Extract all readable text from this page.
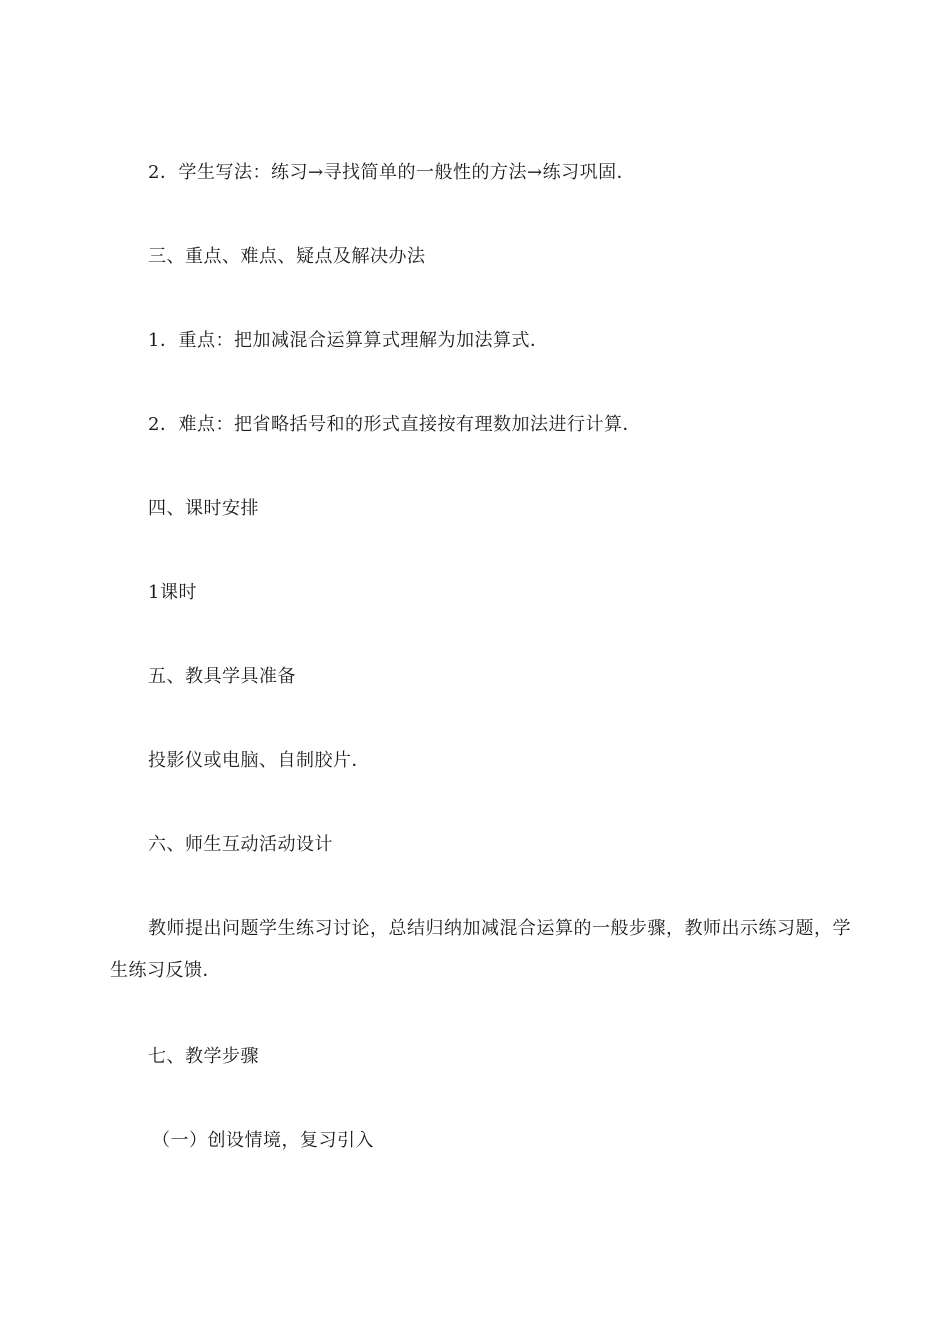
2．学生写法：练习→寻找简单的一般性的方法→练习巩固．

三、重点、难点、疑点及解决办法

1．重点：把加减混合运算算式理解为加法算式．

2．难点：把省略括号和的形式直接按有理数加法进行计算．

四、课时安排

1课时

五、教具学具准备

投影仪或电脑、自制胶片．

六、师生互动活动设计

教师提出问题学生练习讨论，总结归纳加减混合运算的一般步骤，教师出示练习题，学生练习反馈．

七、教学步骤

（一）创设情境，复习引入
